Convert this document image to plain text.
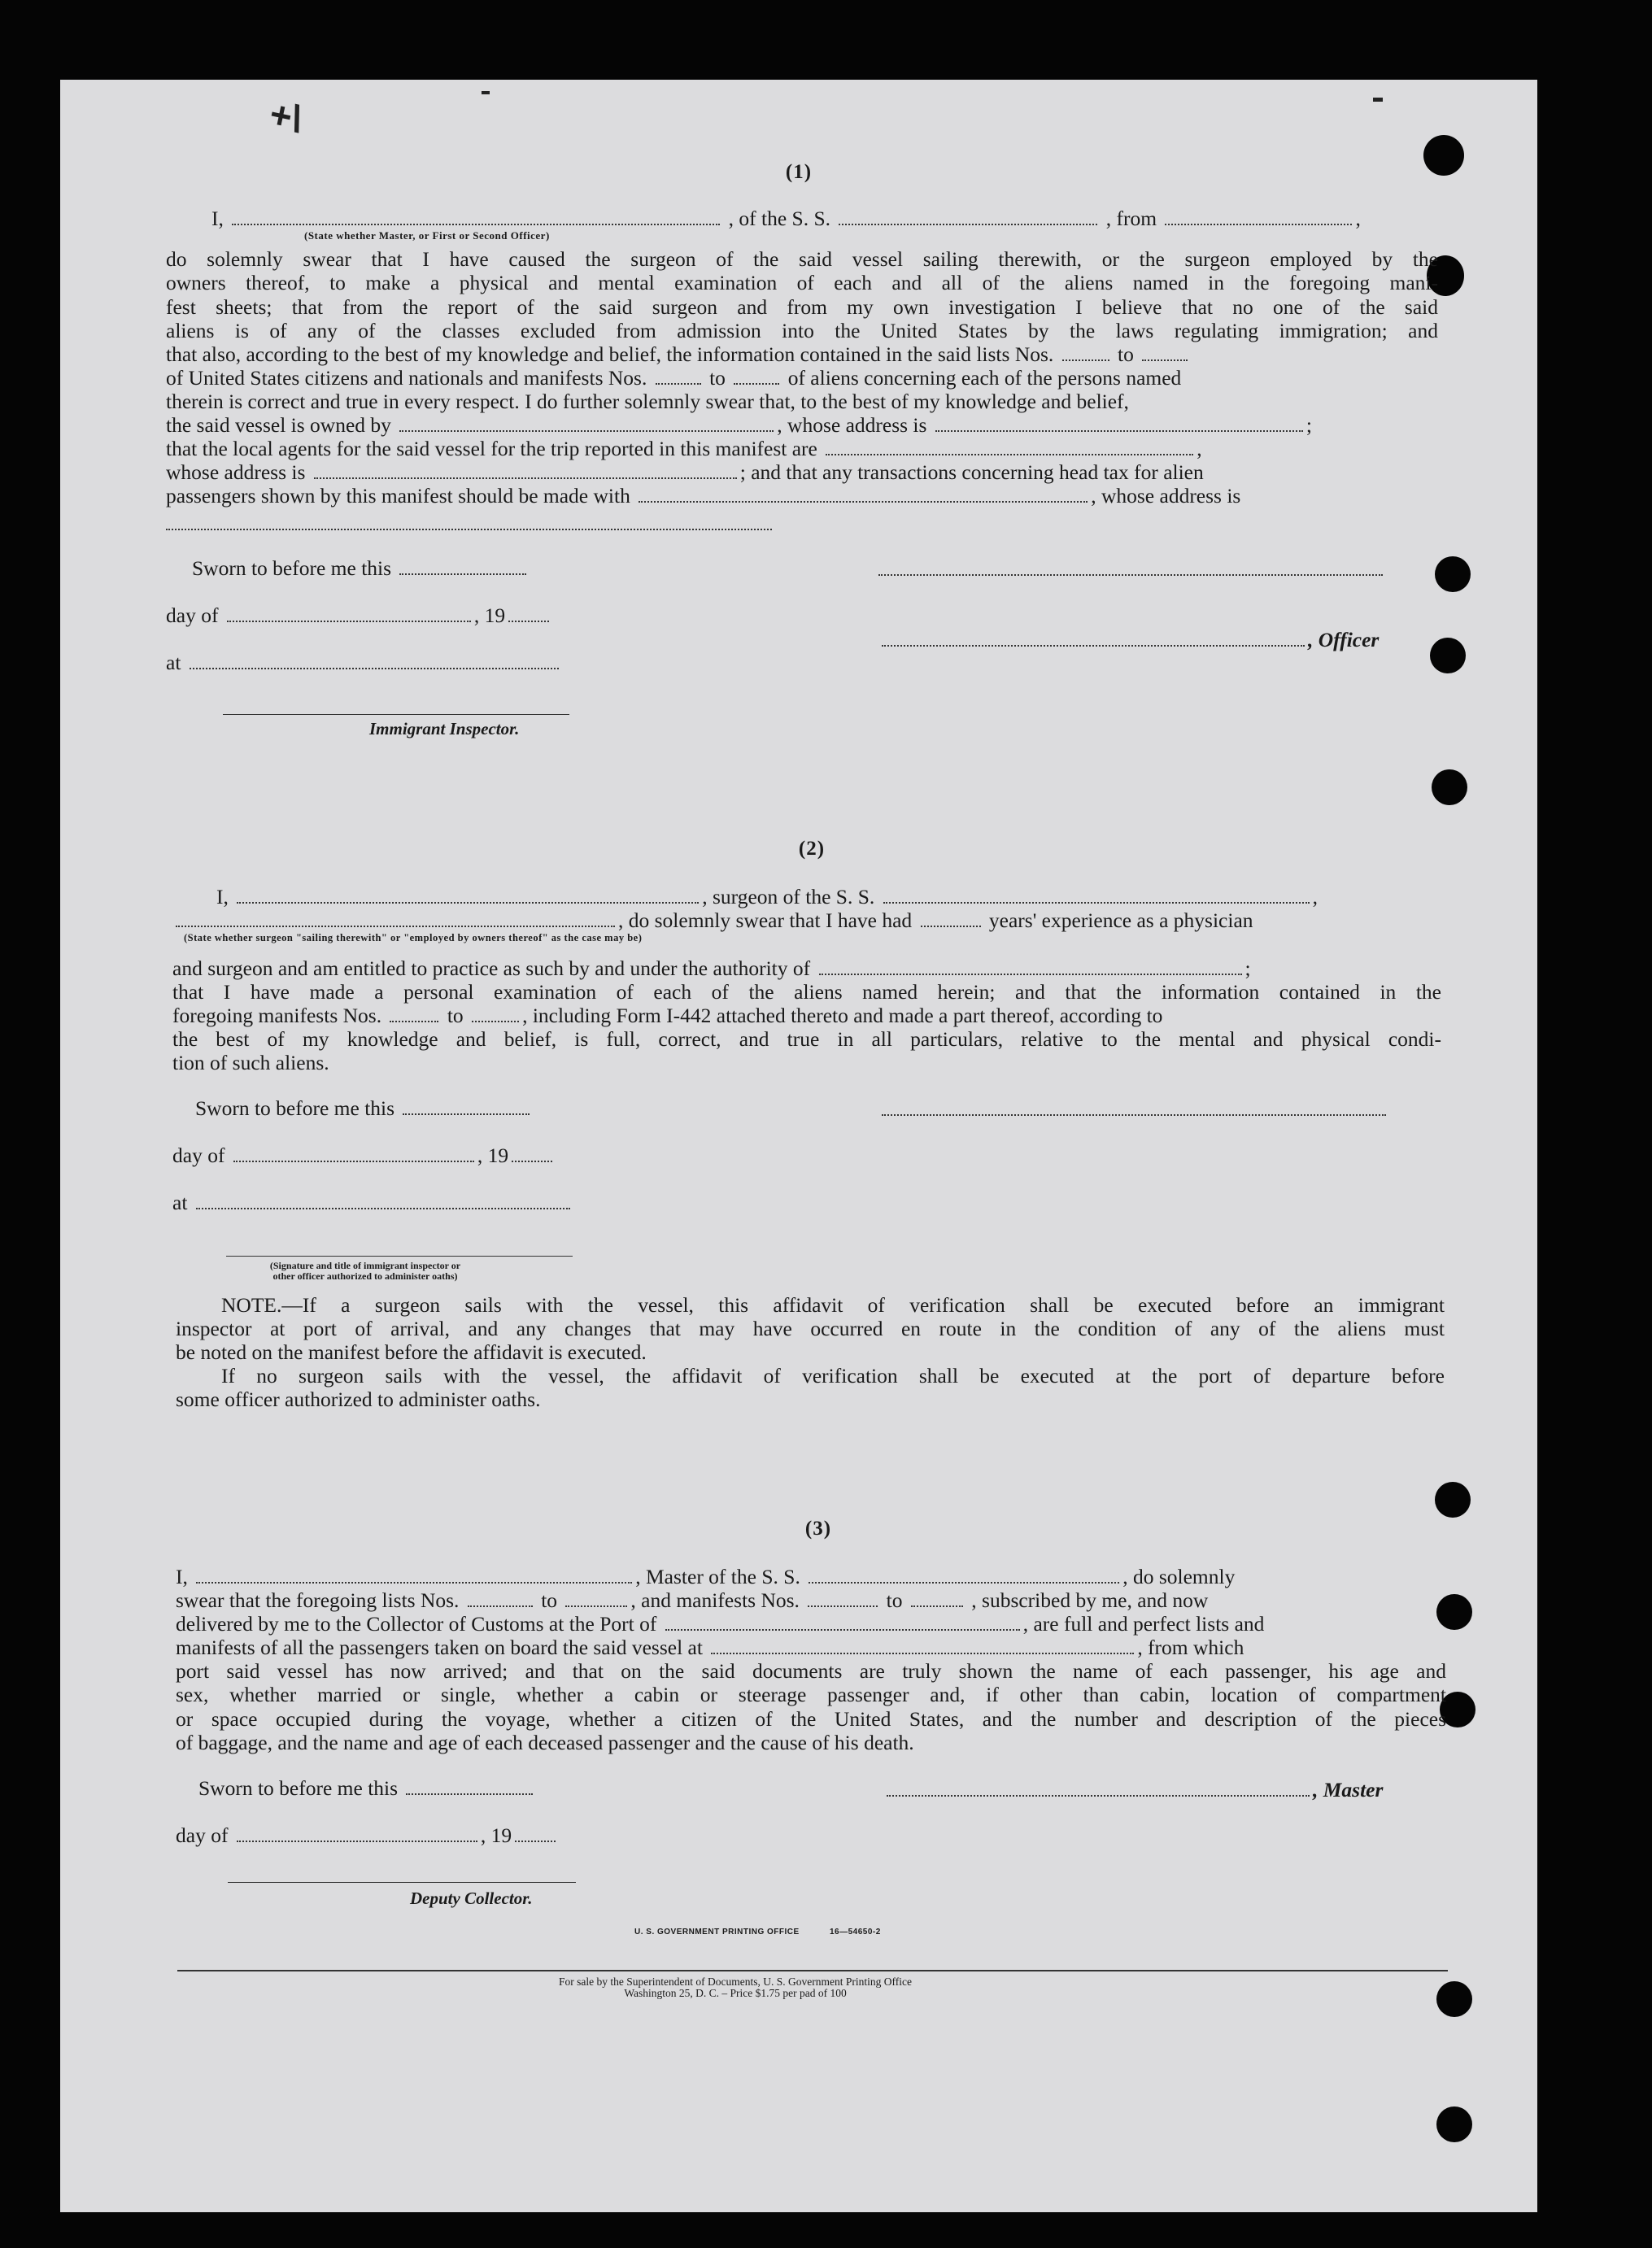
+\
(1)
I,	, of the S. S.	, from	,
(State whether Master, or First or Second Officer)
do solemnly swear that I have caused the surgeon of the said vessel sailing therewith, or the surgeon employed by the
owners thereof, to make a physical and mental examination of each and all of the aliens named in the foregoing mani-
fest sheets; that from the report of the said surgeon and from my own investigation I believe that no one of the said
aliens is of any of the classes excluded from admission into the United States by the laws regulating immigration; and
that also, according to the best of my knowledge and belief, the information contained in the said lists Nos.	to
of United States citizens and nationals and manifests Nos.	to	of aliens concerning each of the persons named
therein is correct and true in every respect. I do further solemnly swear that, to the best of my knowledge and belief,
the said vessel is owned by	, whose address is	;
that the local agents for the said vessel for the trip reported in this manifest are	,
whose address is	; and that any transactions concerning head tax for alien
passengers shown by this manifest should be made with	, whose address is
Sworn to before me this
day of	, 19
, Officer
at
Immigrant Inspector.
(2)
I,	, surgeon of the S. S.	,
, do solemnly swear that I have had	years' experience as a physician
(State whether surgeon "sailing therewith" or "employed by owners thereof" as the case may be)
and surgeon and am entitled to practice as such by and under the authority of	;
that I have made a personal examination of each of the aliens named herein; and that the information contained in the
foregoing manifests Nos.	to	, including Form I-442 attached thereto and made a part thereof, according to
the best of my knowledge and belief, is full, correct, and true in all particulars, relative to the mental and physical condi-
tion of such aliens.
Sworn to before me this
day of	, 19
at
(Signature and title of immigrant inspector or
other officer authorized to administer oaths)
NOTE.—If a surgeon sails with the vessel, this affidavit of verification shall be executed before an immigrant
inspector at port of arrival, and any changes that may have occurred en route in the condition of any of the aliens must
be noted on the manifest before the affidavit is executed.
If no surgeon sails with the vessel, the affidavit of verification shall be executed at the port of departure before
some officer authorized to administer oaths.
(3)
I,	, Master of the S. S.	, do solemnly
swear that the foregoing lists Nos.	to	, and manifests Nos.	to	, subscribed by me, and now
delivered by me to the Collector of Customs at the Port of	, are full and perfect lists and
manifests of all the passengers taken on board the said vessel at	, from which
port said vessel has now arrived; and that on the said documents are truly shown the name of each passenger, his age and
sex, whether married or single, whether a cabin or steerage passenger and, if other than cabin, location of compartment
or space occupied during the voyage, whether a citizen of the United States, and the number and description of the pieces
of baggage, and the name and age of each deceased passenger and the cause of his death.
Sworn to before me this	, Master
day of	, 19
Deputy Collector.
U. S. GOVERNMENT PRINTING OFFICE	16—54650-2
For sale by the Superintendent of Documents, U. S. Government Printing Office
Washington 25, D. C. – Price $1.75 per pad of 100
